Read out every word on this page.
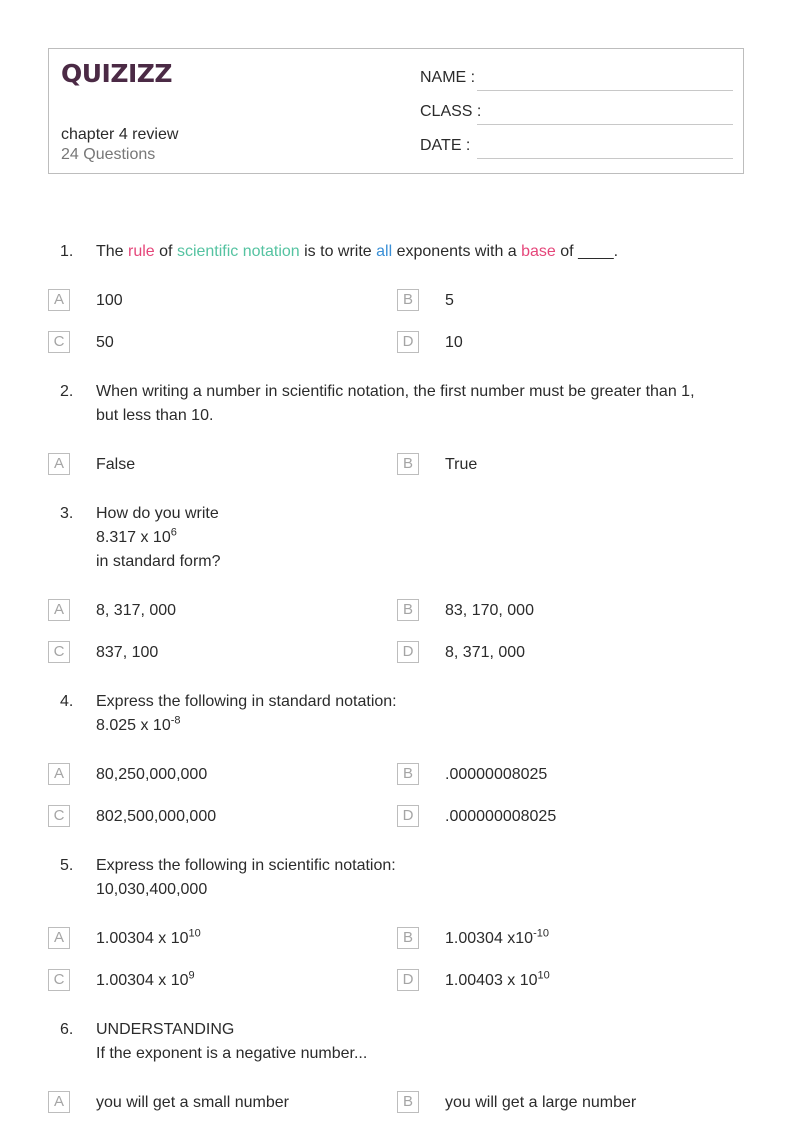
QUIZIZZ
chapter 4 review
24 Questions
NAME :
CLASS :
DATE :
1. The rule of scientific notation is to write all exponents with a base of ____.
A	100	B	5
C	50	D	10
2. When writing a number in scientific notation, the first number must be greater than 1,
but less than 10.
A	False	B	True
3. How do you write
8.317 x $10^6$
in standard form?
A	8, 317, 000	B	83, 170, 000
C	837, 100	D	8, 371, 000
4. Express the following in standard notation:
8.025 x $10^{-8}$
A	80,250,000,000	B	.00000008025
C	802,500,000,000	D	.000000008025
5. Express the following in scientific notation:
10,030,400,000
A	1.00304 x $10^{10}$	B	1.00304 $x10^{-10}$
C	1.00304 x $10^9$	D	1.00403 x $10^{10}$
6. UNDERSTANDING
If the exponent is a negative number...
A	you will get a small number	B	you will get a large number
